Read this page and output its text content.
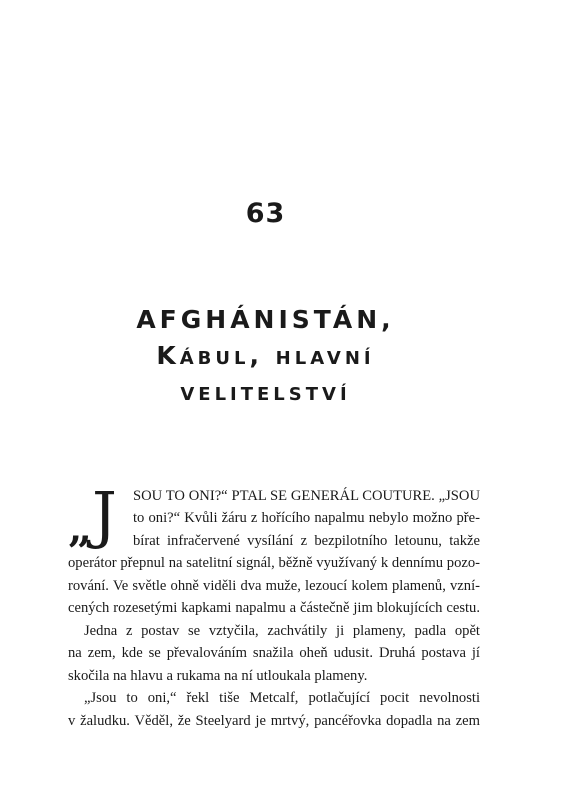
63
AFGHÁNISTÁN,
Kábul, hlavní
velitelství
„ J SOU TO ONI?“ PTAL SE GENERÁL COUTURE. „JSOU
to oni?“ Kvůli žáru z hořícího napalmu nebylo možno pře-
bírat infračervené vysílání z bezpilotního letounu, takže
operátor přepnul na satelitní signál, běžně využívaný k dennímu pozo-
rování. Ve světle ohně viděli dva muže, lezoucí kolem plamenů, vzní-
cených rozesetými kapkami napalmu a částečně jim blokujících cestu.
Jedna z postav se vztyčila, zachvátily ji plameny, padla opět
na zem, kde se převalováním snažila oheň udusit. Druhá postava jí
skočila na hlavu a rukama na ní utloukala plameny.
„Jsou to oni,“ řekl tiše Metcalf, potlačující pocit nevolnosti
v žaludku. Věděl, že Steelyard je mrtvý, pancéřovka dopadla na zem
